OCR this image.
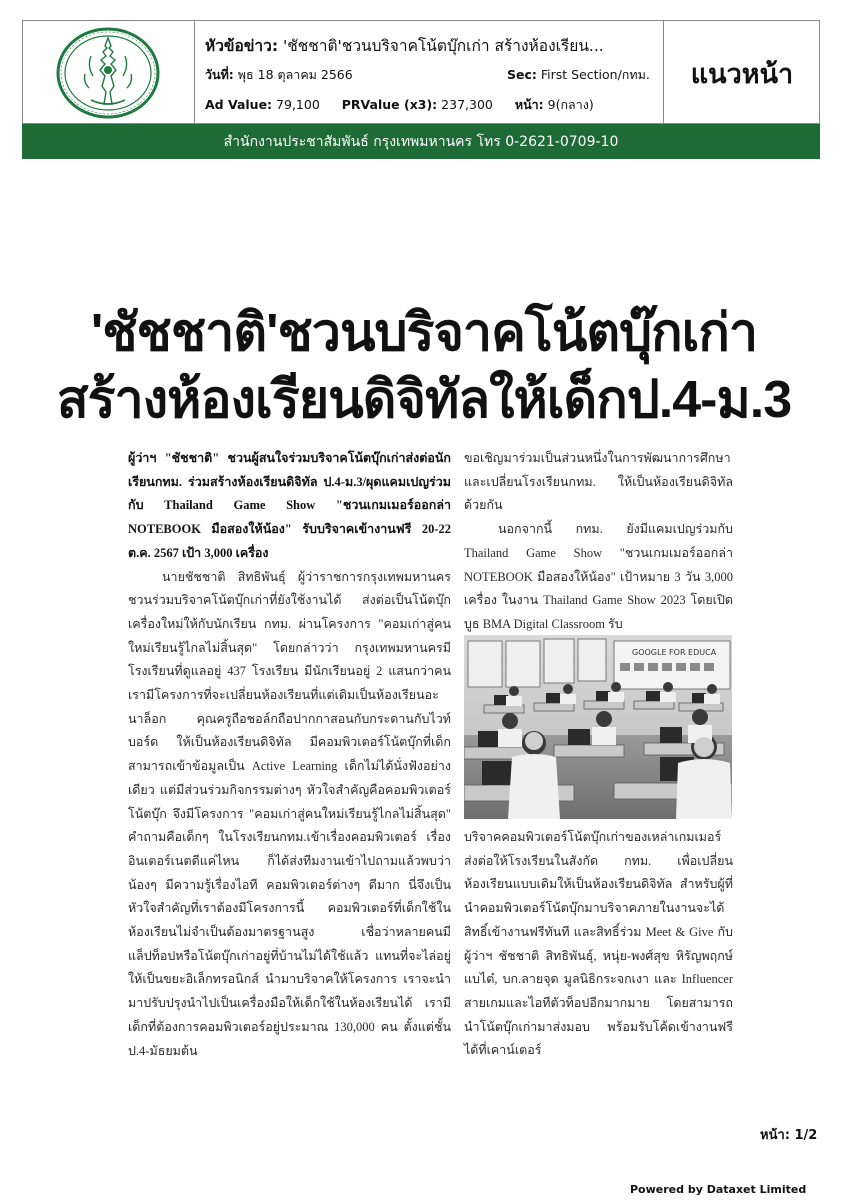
หัวข้อข่าว: 'ชัชชาติ'ชวนบริจาคโน้ตบุ๊กเก่า สร้างห้องเรียน...
วันที่: พุธ 18 ตุลาคม 2566	Sec: First Section/กทม.
Ad Value: 79,100 PRValue (x3): 237,300 หน้า: 9(กลาง)
แนวหน้า
สำนักงานประชาสัมพันธ์ กรุงเทพมหานคร โทร 0-2621-0709-10
'ชัชชาติ'ชวนบริจาคโน้ตบุ๊กเก่า
สร้างห้องเรียนดิจิทัลให้เด็กป.4-ม.3
ผู้ว่าฯ "ชัชชาติ" ชวนผู้สนใจร่วมบริจาคโน้ตบุ๊กเก่าส่งต่อนักเรียนกทม. ร่วมสร้างห้องเรียนดิจิทัล ป.4-ม.3/ผุดแคมเปญร่วมกับ Thailand Game Show "ชวนเกมเมอร์ออกล่า NOTEBOOK มือสองให้น้อง" รับบริจาคเข้างานฟรี 20-22 ต.ค. 2567 เป้า 3,000 เครื่อง
นายชัชชาติ สิทธิพันธุ์ ผู้ว่าราชการกรุงเทพมหานคร ชวนร่วมบริจาคโน้ตบุ๊กเก่าที่ยังใช้งานได้ ส่งต่อเป็นโน้ตบุ๊กเครื่องใหม่ให้กับนักเรียน กทม. ผ่านโครงการ "คอมเก่าสู่คนใหม่เรียนรู้ไกลไม่สิ้นสุด" โดยกล่าวว่า กรุงเทพมหานครมีโรงเรียนที่ดูแลอยู่ 437 โรงเรียน มีนักเรียนอยู่ 2 แสนกว่าคน เรามีโครงการที่จะเปลี่ยนห้องเรียนที่แต่เดิมเป็นห้องเรียนอะนาล็อก คุณครูถือชอล์กถือปากกาสอนกับกระดานกับไวท์บอร์ด ให้เป็นห้องเรียนดิจิทัล มีคอมพิวเตอร์โน้ตบุ๊กที่เด็กสามารถเข้าข้อมูลเป็น Active Learning เด็กไม่ได้นั่งฟังอย่างเดียว แต่มีส่วนร่วมกิจกรรมต่างๆ หัวใจสำคัญคือคอมพิวเตอร์โน้ตบุ๊ก จึงมีโครงการ "คอมเก่าสู่คนใหม่เรียนรู้ไกลไม่สิ้นสุด" คำถามคือเด็กๆ ในโรงเรียนกทม.เข้าเรื่องคอมพิวเตอร์ เรื่องอินเตอร์เนตดีแค่ไหน ก็ได้ส่งทีมงานเข้าไปถามแล้วพบว่าน้องๆ มีความรู้เรื่องไอที คอมพิวเตอร์ต่างๆ ดีมาก นี่จึงเป็นหัวใจสำคัญที่เราต้องมีโครงการนี้ คอมพิวเตอร์ที่เด็กใช้ในห้องเรียนไม่จำเป็นต้องมาตรฐานสูง เชื่อว่าหลายคนมีแล็ปท็อปหรือโน้ตบุ๊กเก่าอยู่ที่บ้านไม่ได้ใช้แล้ว แทนที่จะไล่อยู่ให้เป็นขยะอิเล็กทรอนิกส์ นำมาบริจาคให้โครงการ เราจะนำมาปรับปรุงนำไปเป็นเครื่องมือให้เด็กใช้ในห้องเรียนได้ เรามีเด็กที่ต้องการคอมพิวเตอร์อยู่ประมาณ 130,000 คน ตั้งแต่ชั้น ป.4-มัธยมต้น
ขอเชิญมาร่วมเป็นส่วนหนึ่งในการพัฒนาการศึกษาและเปลี่ยนโรงเรียนกทม. ให้เป็นห้องเรียนดิจิทัลด้วยกัน
นอกจากนี้ กทม. ยังมีแคมเปญร่วมกับ Thailand Game Show "ชวนเกมเมอร์ออกล่า NOTEBOOK มือสองให้น้อง" เป้าหมาย 3 วัน 3,000 เครื่อง ในงาน Thailand Game Show 2023 โดยเปิดบูธ BMA Digital Classroom รับ
GOOGLE FOR EDUCA
บริจาคคอมพิวเตอร์โน้ตบุ๊กเก่าของเหล่าเกมเมอร์ ส่งต่อให้โรงเรียนในสังกัด กทม. เพื่อเปลี่ยนห้องเรียนแบบเดิมให้เป็นห้องเรียนดิจิทัล สำหรับผู้ที่นำคอมพิวเตอร์โน้ตบุ๊กมาบริจาคภายในงานจะได้สิทธิ์เข้างานฟรีทันที และสิทธิ์ร่วม Meet & Give กับผู้ว่าฯ ชัชชาติ สิทธิพันธุ์, หนุ่ย-พงศ์สุข หิรัญพฤกษ์ แบไต๋, บก.ลายจุด มูลนิธิกระจกเงา และ Influencer สายเกมและไอทีตัวท็อปอีกมากมาย โดยสามารถนำโน้ตบุ๊กเก่ามาส่งมอบ พร้อมรับโค้ดเข้างานฟรีได้ที่เคาน์เตอร์
หน้า: 1/2
Powered by Dataxet Limited
